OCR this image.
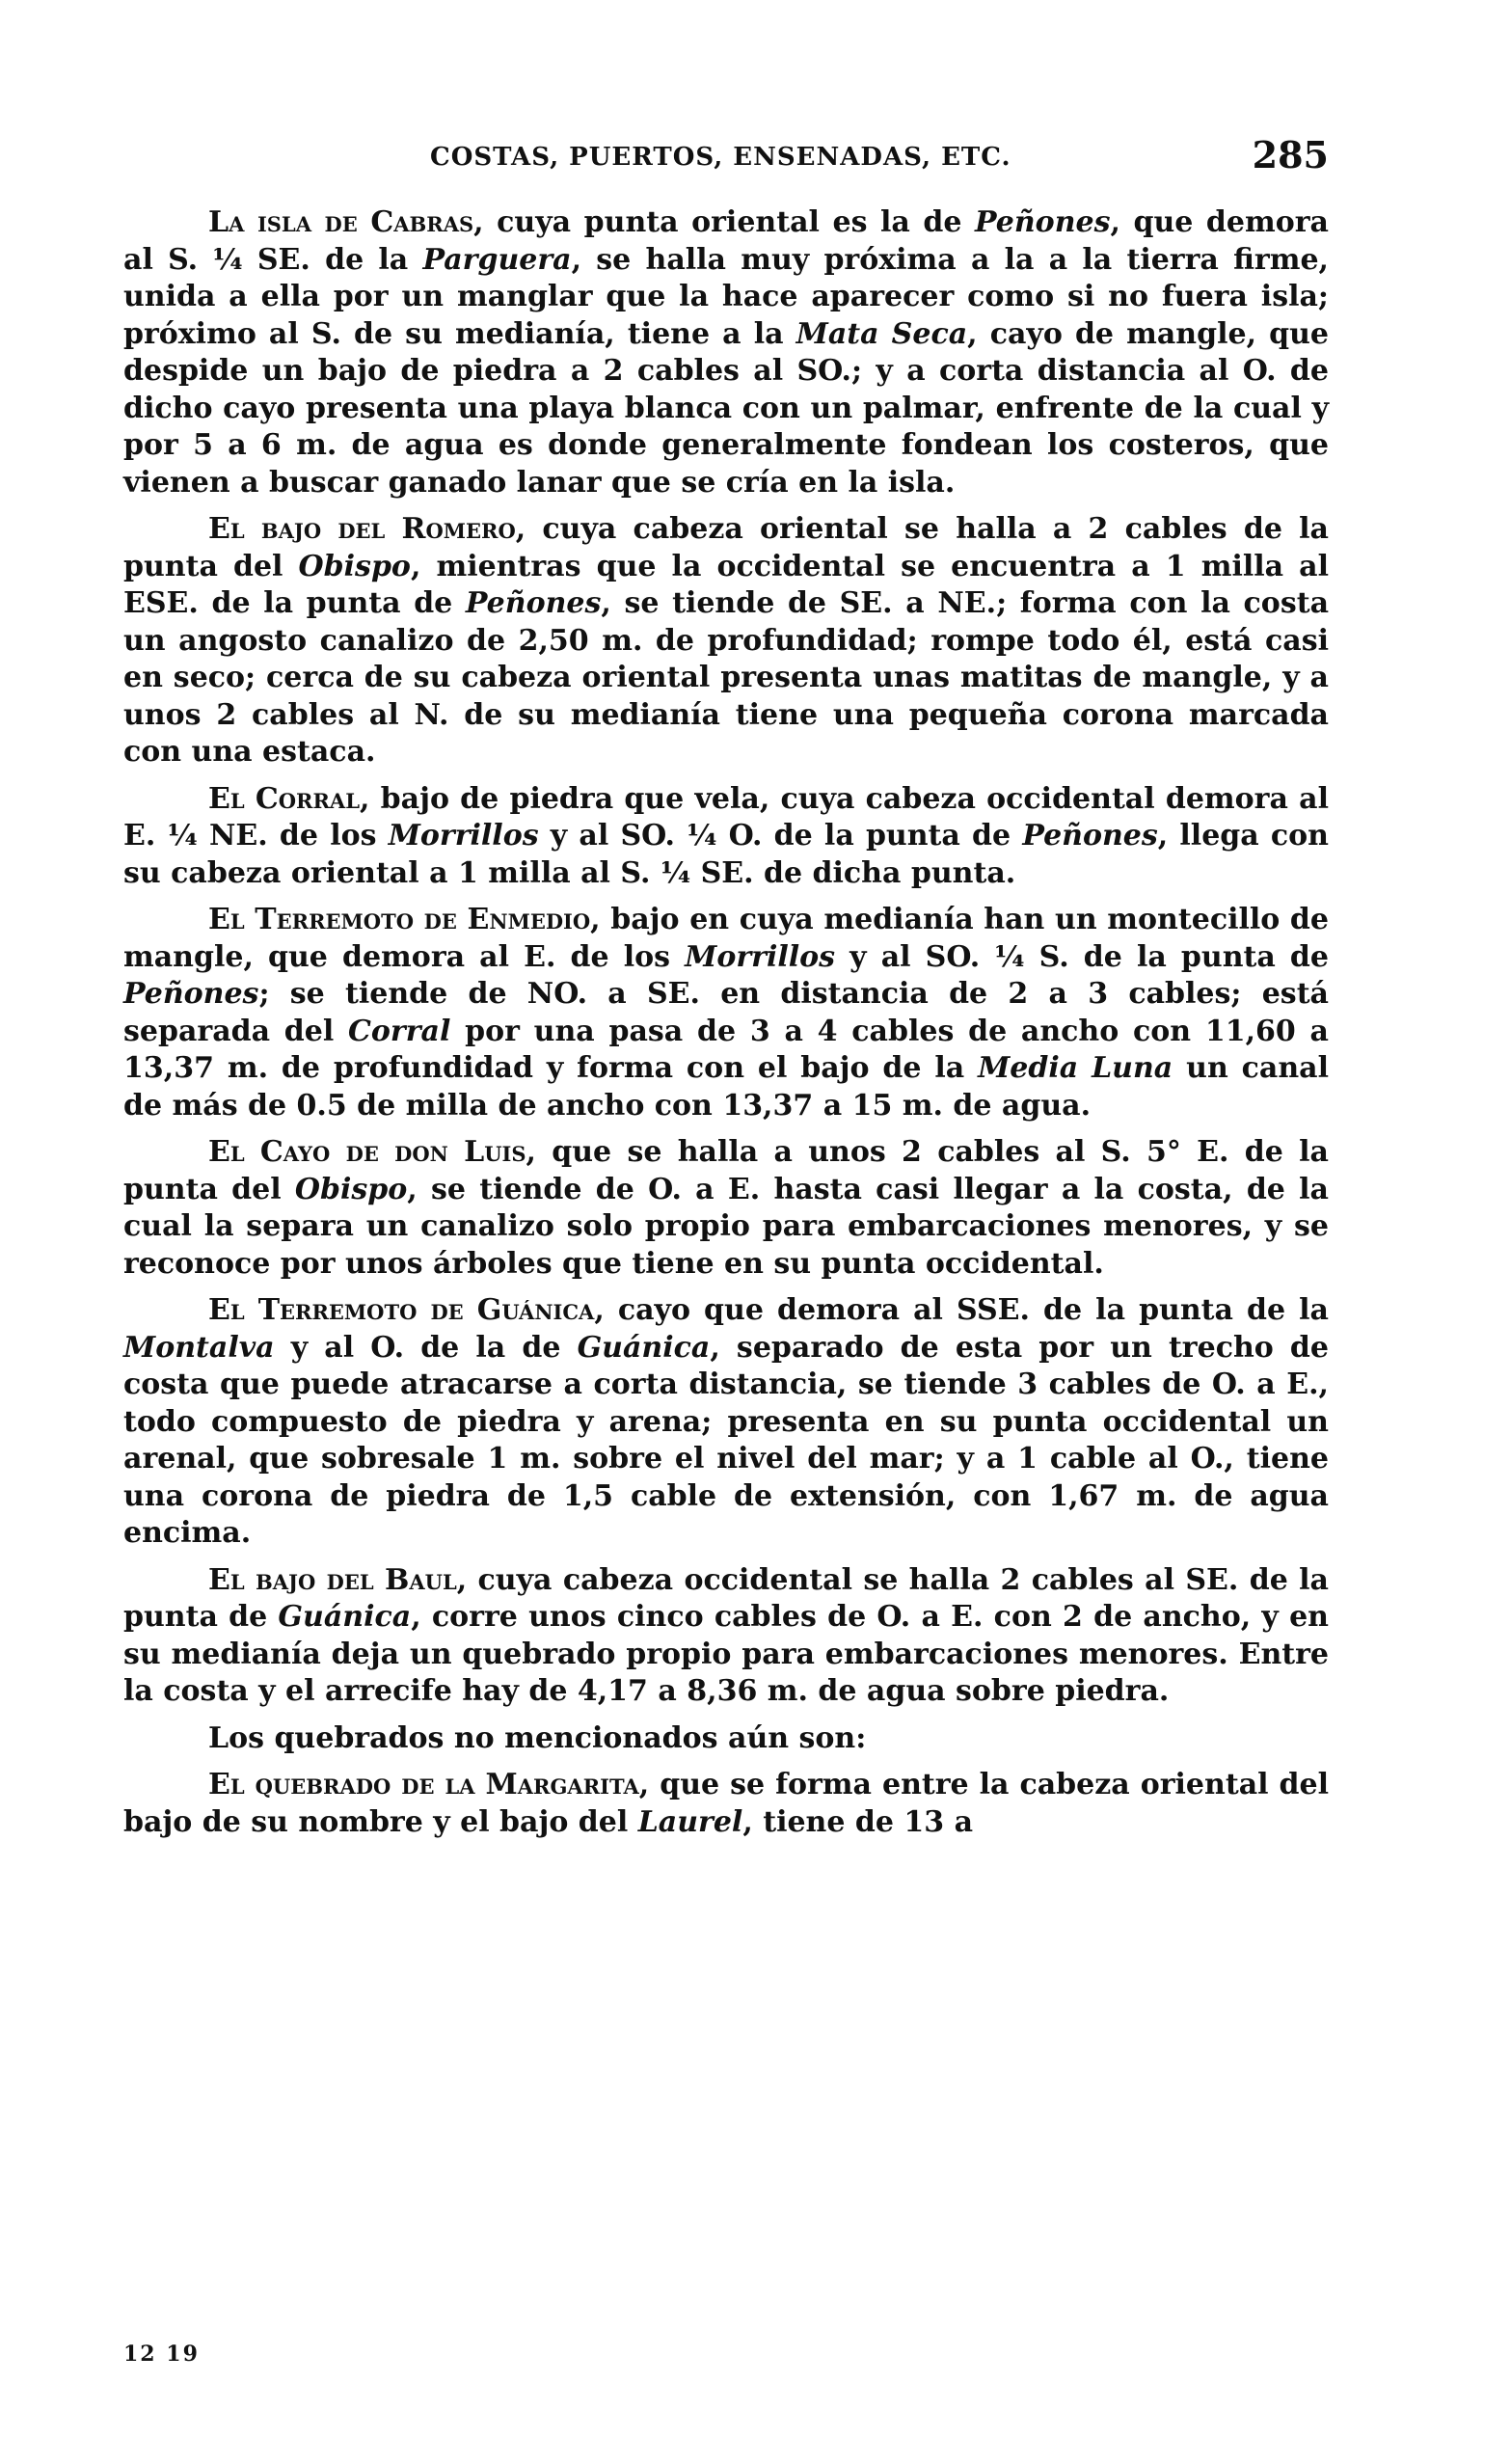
COSTAS, PUERTOS, ENSENADAS, ETC.	285

La isla de Cabras, cuya punta oriental es la de Peñones, que demora al S. ¼ SE. de la Parguera, se halla muy próxima a la a la tierra firme, unida a ella por un manglar que la hace aparecer como si no fuera isla; próximo al S. de su medianía, tiene a la Mata Seca, cayo de mangle, que despide un bajo de piedra a 2 cables al SO.; y a corta distancia al O. de dicho cayo presenta una playa blanca con un palmar, enfrente de la cual y por 5 a 6 m. de agua es donde generalmente fondean los costeros, que vienen a buscar ganado lanar que se cría en la isla.

El bajo del Romero, cuya cabeza oriental se halla a 2 cables de la punta del Obispo, mientras que la occidental se encuentra a 1 milla al ESE. de la punta de Peñones, se tiende de SE. a NE.; forma con la costa un angosto canalizo de 2,50 m. de profundidad; rompe todo él, está casi en seco; cerca de su cabeza oriental presenta unas matitas de mangle, y a unos 2 cables al N. de su medianía tiene una pequeña corona marcada con una estaca.

El Corral, bajo de piedra que vela, cuya cabeza occidental demora al E. ¼ NE. de los Morrillos y al SO. ¼ O. de la punta de Peñones, llega con su cabeza oriental a 1 milla al S. ¼ SE. de dicha punta.

El Terremoto de Enmedio, bajo en cuya medianía han un montecillo de mangle, que demora al E. de los Morrillos y al SO. ¼ S. de la punta de Peñones; se tiende de NO. a SE. en distancia de 2 a 3 cables; está separada del Corral por una pasa de 3 a 4 cables de ancho con 11,60 a 13,37 m. de profundidad y forma con el bajo de la Media Luna un canal de más de 0.5 de milla de ancho con 13,37 a 15 m. de agua.

El Cayo de don Luis, que se halla a unos 2 cables al S. 5° E. de la punta del Obispo, se tiende de O. a E. hasta casi llegar a la costa, de la cual la separa un canalizo solo propio para embarcaciones menores, y se reconoce por unos árboles que tiene en su punta occidental.

El Terremoto de Guánica, cayo que demora al SSE. de la punta de la Montalva y al O. de la de Guánica, separado de esta por un trecho de costa que puede atracarse a corta distancia, se tiende 3 cables de O. a E., todo compuesto de piedra y arena; presenta en su punta occidental un arenal, que sobresale 1 m. sobre el nivel del mar; y a 1 cable al O., tiene una corona de piedra de 1,5 cable de extensión, con 1,67 m. de agua encima.

El bajo del Baul, cuya cabeza occidental se halla 2 cables al SE. de la punta de Guánica, corre unos cinco cables de O. a E. con 2 de ancho, y en su medianía deja un quebrado propio para embarcaciones menores. Entre la costa y el arrecife hay de 4,17 a 8,36 m. de agua sobre piedra.

Los quebrados no mencionados aún son:

El quebrado de la Margarita, que se forma entre la cabeza oriental del bajo de su nombre y el bajo del Laurel, tiene de 13 a

12 19
